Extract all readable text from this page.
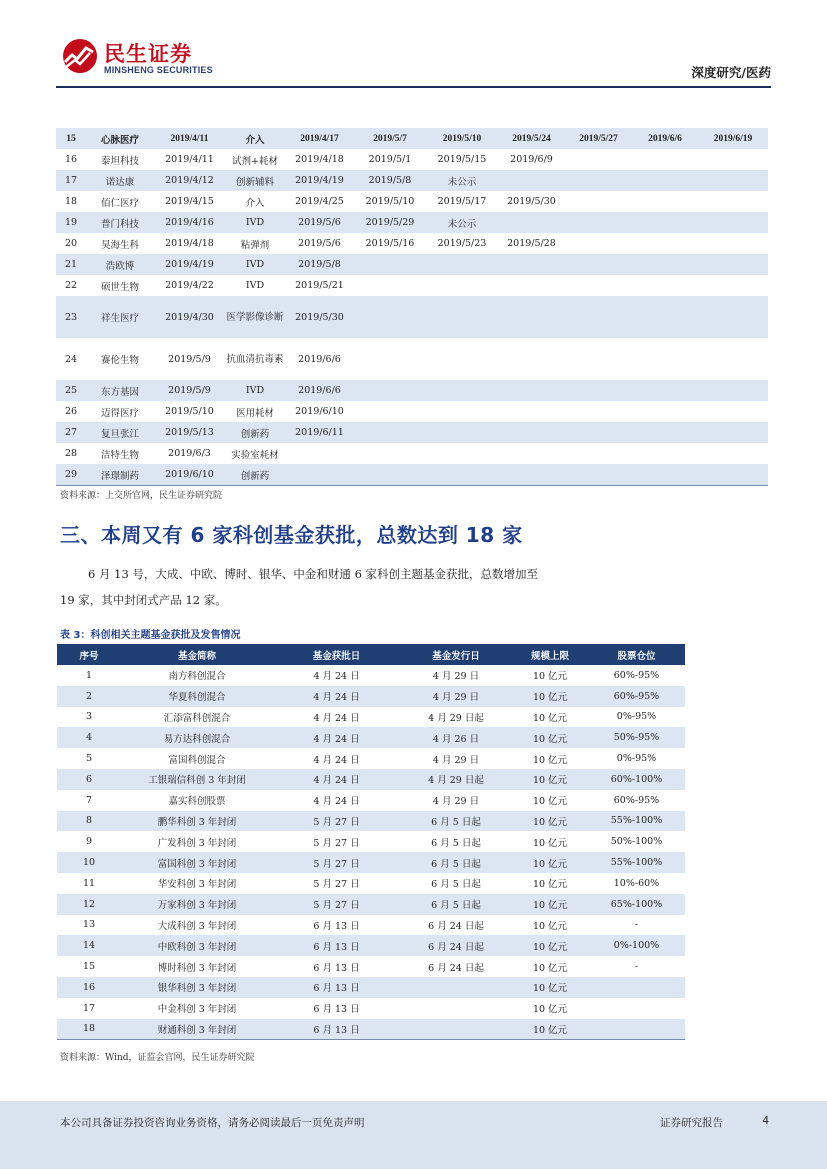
民生证券
MINSHENG SECURITIES	深度研究/医药
15	心脉医疗	2019/4/11	介入	2019/4/17	2019/5/7	2019/5/10	2019/5/24	2019/5/27	2019/6/6	2019/6/19
16	泰坦科技	2019/4/11	试剂+耗材	2019/4/18	2019/5/1	2019/5/15	2019/6/9			
17	诺达康	2019/4/12	创新辅料	2019/4/19	2019/5/8	未公示				
18	佰仁医疗	2019/4/15	介入	2019/4/25	2019/5/10	2019/5/17	2019/5/30			
19	普门科技	2019/4/16	IVD	2019/5/6	2019/5/29	未公示				
20	昊海生科	2019/4/18	粘弹剂	2019/5/6	2019/5/16	2019/5/23	2019/5/28			
21	浩欧博	2019/4/19	IVD	2019/5/8						
22	硕世生物	2019/4/22	IVD	2019/5/21						
23	祥生医疗	2019/4/30	医学影像诊断	2019/5/30						
24	赛伦生物	2019/5/9	抗血清抗毒素	2019/6/6						
25	东方基因	2019/5/9	IVD	2019/6/6						
26	迈得医疗	2019/5/10	医用耗材	2019/6/10						
27	复旦张江	2019/5/13	创新药	2019/6/11						
28	洁特生物	2019/6/3	实验室耗材							
29	泽璟制药	2019/6/10	创新药							
资料来源：上交所官网，民生证券研究院
三、本周又有 6 家科创基金获批，总数达到 18 家
6 月 13 号，大成、中欧、博时、银华、中金和财通 6 家科创主题基金获批，总数增加至
19 家，其中封闭式产品 12 家。
表 3：科创相关主题基金获批及发售情况
序号	基金简称	基金获批日	基金发行日	规模上限	股票仓位
1	南方科创混合	4 月 24 日	4 月 29 日	10 亿元	60%-95%
2	华夏科创混合	4 月 24 日	4 月 29 日	10 亿元	60%-95%
3	汇添富科创混合	4 月 24 日	4 月 29 日起	10 亿元	0%-95%
4	易方达科创混合	4 月 24 日	4 月 26 日	10 亿元	50%-95%
5	富国科创混合	4 月 24 日	4 月 29 日	10 亿元	0%-95%
6	工银瑞信科创 3 年封闭	4 月 24 日	4 月 29 日起	10 亿元	60%-100%
7	嘉实科创股票	4 月 24 日	4 月 29 日	10 亿元	60%-95%
8	鹏华科创 3 年封闭	5 月 27 日	6 月 5 日起	10 亿元	55%-100%
9	广发科创 3 年封闭	5 月 27 日	6 月 5 日起	10 亿元	50%-100%
10	富国科创 3 年封闭	5 月 27 日	6 月 5 日起	10 亿元	55%-100%
11	华安科创 3 年封闭	5 月 27 日	6 月 5 日起	10 亿元	10%-60%
12	万家科创 3 年封闭	5 月 27 日	6 月 5 日起	10 亿元	65%-100%
13	大成科创 3 年封闭	6 月 13 日	6 月 24 日起	10 亿元	-
14	中欧科创 3 年封闭	6 月 13 日	6 月 24 日起	10 亿元	0%-100%
15	博时科创 3 年封闭	6 月 13 日	6 月 24 日起	10 亿元	-
16	银华科创 3 年封闭	6 月 13 日		10 亿元	
17	中金科创 3 年封闭	6 月 13 日		10 亿元	
18	财通科创 3 年封闭	6 月 13 日		10 亿元	
资料来源：Wind，证监会官网，民生证券研究院
本公司具备证券投资咨询业务资格，请务必阅读最后一页免责声明	证券研究报告	4
